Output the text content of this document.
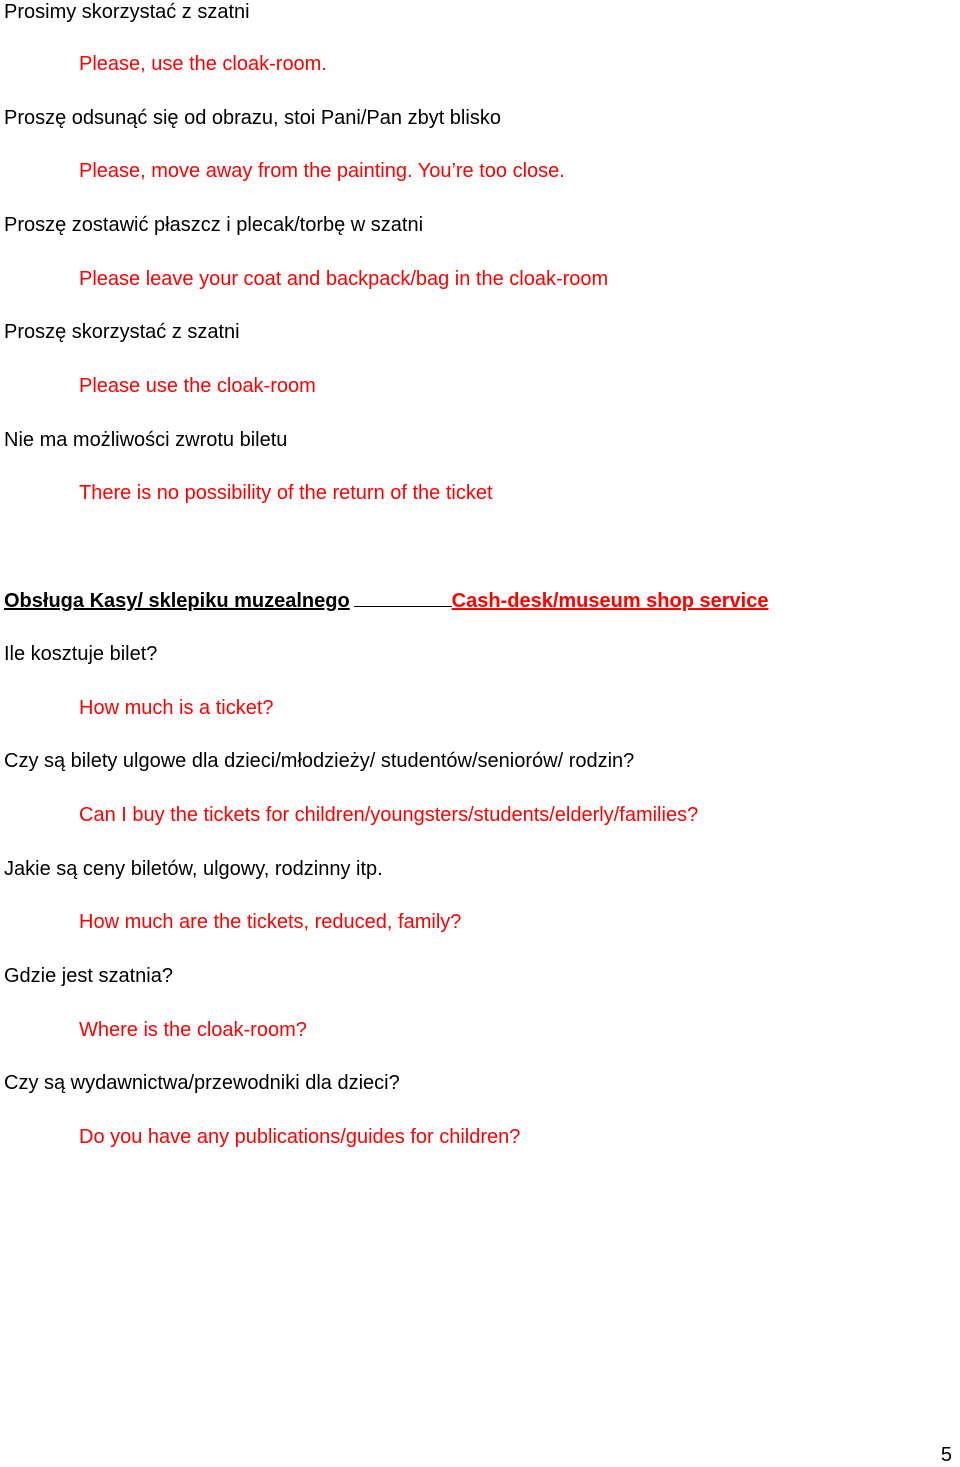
Prosimy skorzystać z szatni
Please, use the cloak-room.
Proszę odsunąć się od obrazu, stoi Pani/Pan zbyt blisko
Please, move away from the painting. You’re too close.
Proszę zostawić płaszcz i plecak/torbę w szatni
Please leave your coat and backpack/bag in the cloak-room
Proszę skorzystać z szatni
Please use the cloak-room
Nie ma możliwości zwrotu biletu
There is no possibility of the return of the ticket
Obsługa Kasy/ sklepiku muzealnego	Cash-desk/museum shop service
Ile kosztuje bilet?
How much is a ticket?
Czy są bilety ulgowe dla dzieci/młodzieży/ studentów/seniorów/ rodzin?
Can I buy the tickets for children/youngsters/students/elderly/families?
Jakie są ceny biletów, ulgowy, rodzinny itp.
How much are the tickets, reduced, family?
Gdzie jest szatnia?
Where is the cloak-room?
Czy są wydawnictwa/przewodniki dla dzieci?
Do you have any publications/guides for children?
5
